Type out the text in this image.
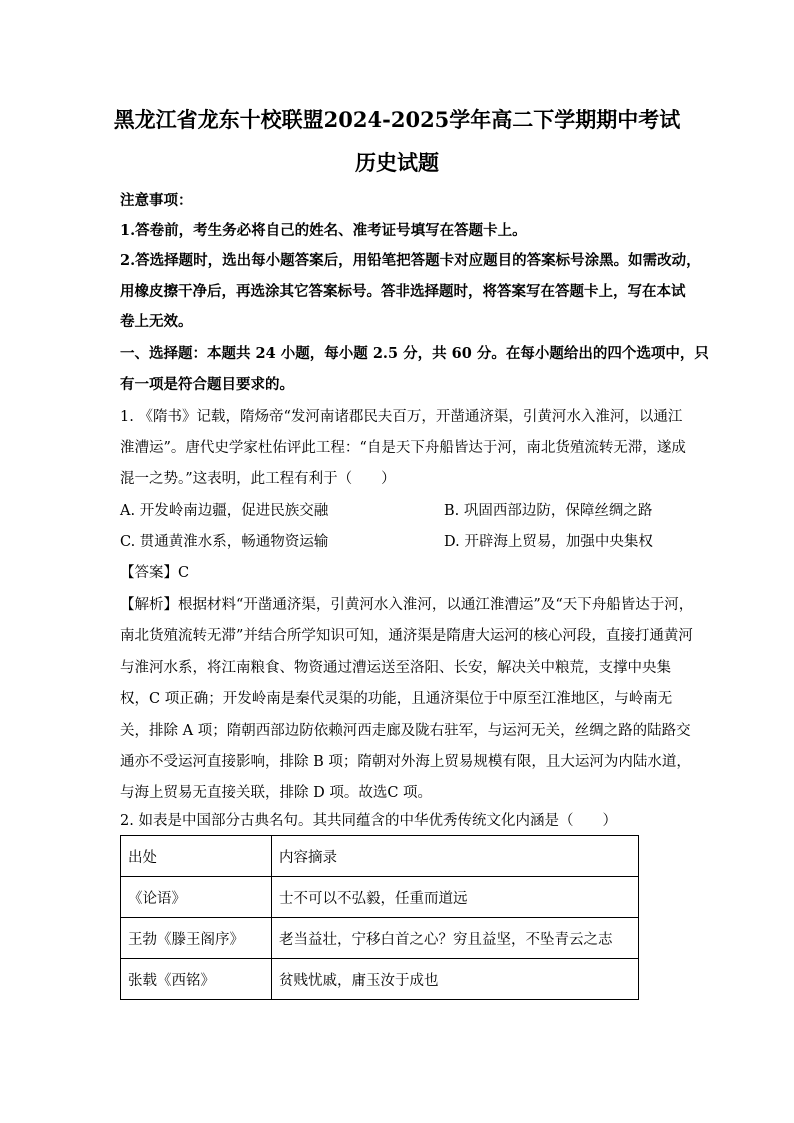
黑龙江省龙东十校联盟2024-2025学年高二下学期期中考试
历史试题
注意事项：
1.答卷前，考生务必将自己的姓名、准考证号填写在答题卡上。
2.答选择题时，选出每小题答案后，用铅笔把答题卡对应题目的答案标号涂黑。如需改动，
用橡皮擦干净后，再选涂其它答案标号。答非选择题时，将答案写在答题卡上，写在本试
卷上无效。
一、选择题：本题共 24 小题，每小题 2.5 分，共 60 分。在每小题给出的四个选项中，只
有一项是符合题目要求的。
1. 《隋书》记载，隋炀帝“发河南诸郡民夫百万，开凿通济渠，引黄河水入淮河，以通江
淮漕运”。唐代史学家杜佑评此工程：“自是天下舟船皆达于河，南北货殖流转无滞，遂成
混一之势。”这表明，此工程有利于（　　）
A. 开发岭南边疆，促进民族交融	B. 巩固西部边防，保障丝绸之路
C. 贯通黄淮水系，畅通物资运输	D. 开辟海上贸易，加强中央集权
【答案】C
【解析】根据材料“开凿通济渠，引黄河水入淮河，以通江淮漕运”及“天下舟船皆达于河，
南北货殖流转无滞”并结合所学知识可知，通济渠是隋唐大运河的核心河段，直接打通黄河
与淮河水系，将江南粮食、物资通过漕运送至洛阳、长安，解决关中粮荒，支撑中央集
权，C 项正确；开发岭南是秦代灵渠的功能，且通济渠位于中原至江淮地区，与岭南无
关，排除 A 项；隋朝西部边防依赖河西走廊及陇右驻军，与运河无关，丝绸之路的陆路交
通亦不受运河直接影响，排除 B 项；隋朝对外海上贸易规模有限，且大运河为内陆水道，
与海上贸易无直接关联，排除 D 项。故选C 项。
2. 如表是中国部分古典名句。其共同蕴含的中华优秀传统文化内涵是（　　）
出处	内容摘录
《论语》	士不可以不弘毅，任重而道远
王勃《滕王阁序》	老当益壮，宁移白首之心？穷且益坚，不坠青云之志
张载《西铭》	贫贱忧戚，庸玉汝于成也
